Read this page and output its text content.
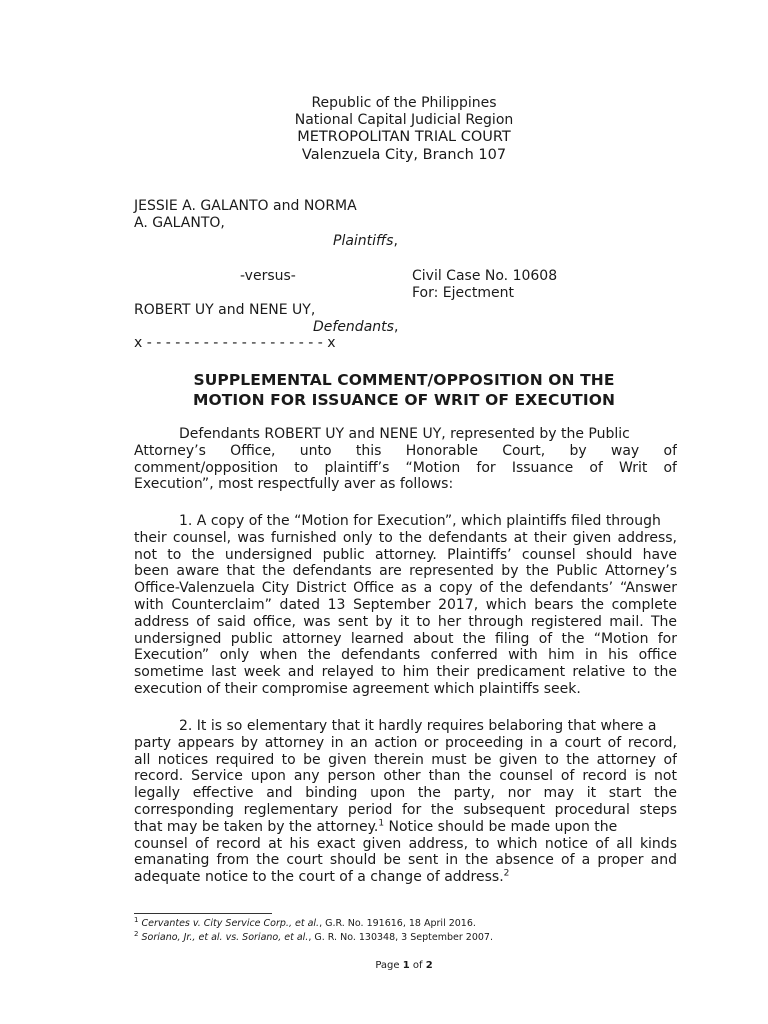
Republic of the Philippines
National Capital Judicial Region
METROPOLITAN TRIAL COURT
Valenzuela City, Branch 107
JESSIE A. GALANTO and NORMA
A. GALANTO,
Plaintiffs,
-versus-	Civil Case No. 10608
For: Ejectment
ROBERT UY and NENE UY,
Defendants,
x - - - - - - - - - - - - - - - - - - - x
SUPPLEMENTAL COMMENT/OPPOSITION ON THE
MOTION FOR ISSUANCE OF WRIT OF EXECUTION
Defendants ROBERT UY and NENE UY, represented by the Public
Attorney’s Office, unto this Honorable Court, by way of
comment/opposition to plaintiff’s “Motion for Issuance of Writ of
Execution”, most respectfully aver as follows:
1. A copy of the “Motion for Execution”, which plaintiffs filed through
their counsel, was furnished only to the defendants at their given address,
not to the undersigned public attorney. Plaintiffs’ counsel should have
been aware that the defendants are represented by the Public Attorney’s
Office-Valenzuela City District Office as a copy of the defendants’ “Answer
with Counterclaim” dated 13 September 2017, which bears the complete
address of said office, was sent by it to her through registered mail. The
undersigned public attorney learned about the filing of the “Motion for
Execution” only when the defendants conferred with him in his office
sometime last week and relayed to him their predicament relative to the
execution of their compromise agreement which plaintiffs seek.
2. It is so elementary that it hardly requires belaboring that where a
party appears by attorney in an action or proceeding in a court of record,
all notices required to be given therein must be given to the attorney of
record. Service upon any person other than the counsel of record is not
legally effective and binding upon the party, nor may it start the
corresponding reglementary period for the subsequent procedural steps
that may be taken by the attorney.$^1$ Notice should be made upon the
counsel of record at his exact given address, to which notice of all kinds
emanating from the court should be sent in the absence of a proper and
adequate notice to the court of a change of address.$^2$
$^1$ Cervantes v. City Service Corp., et al., G.R. No. 191616, 18 April 2016.
$^2$ Soriano, Jr., et al. vs. Soriano, et al., G. R. No. 130348, 3 September 2007.
Page 1 of 2
